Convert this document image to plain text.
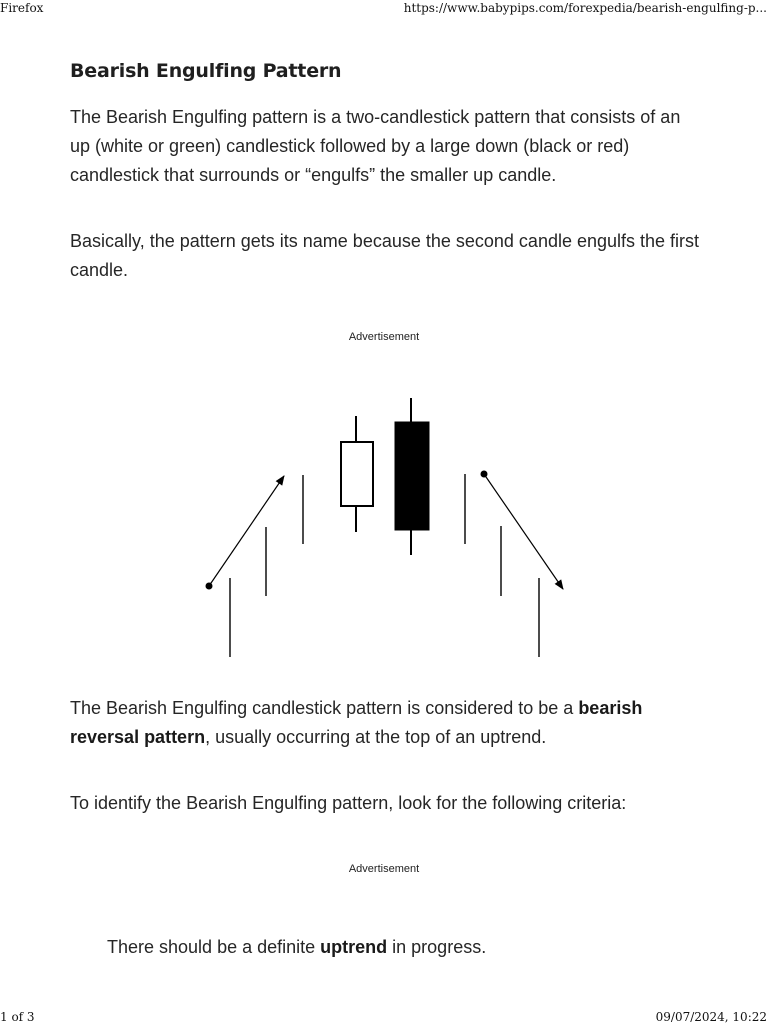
Firefox	https://www.babypips.com/forexpedia/bearish-engulfing-p...
Bearish Engulfing Pattern

The Bearish Engulfing pattern is a two-candlestick pattern that consists of an up (white or green) candlestick followed by a large down (black or red) candlestick that surrounds or “engulfs” the smaller up candle.

Basically, the pattern gets its name because the second candle engulfs the first candle.

The Bearish Engulfing candlestick pattern is considered to be a bearish reversal pattern, usually occurring at the top of an uptrend.

To identify the Bearish Engulfing pattern, look for the following criteria:

There should be a definite uptrend in progress.

Advertisement
Advertisement
1 of 3	09/07/2024, 10:22
